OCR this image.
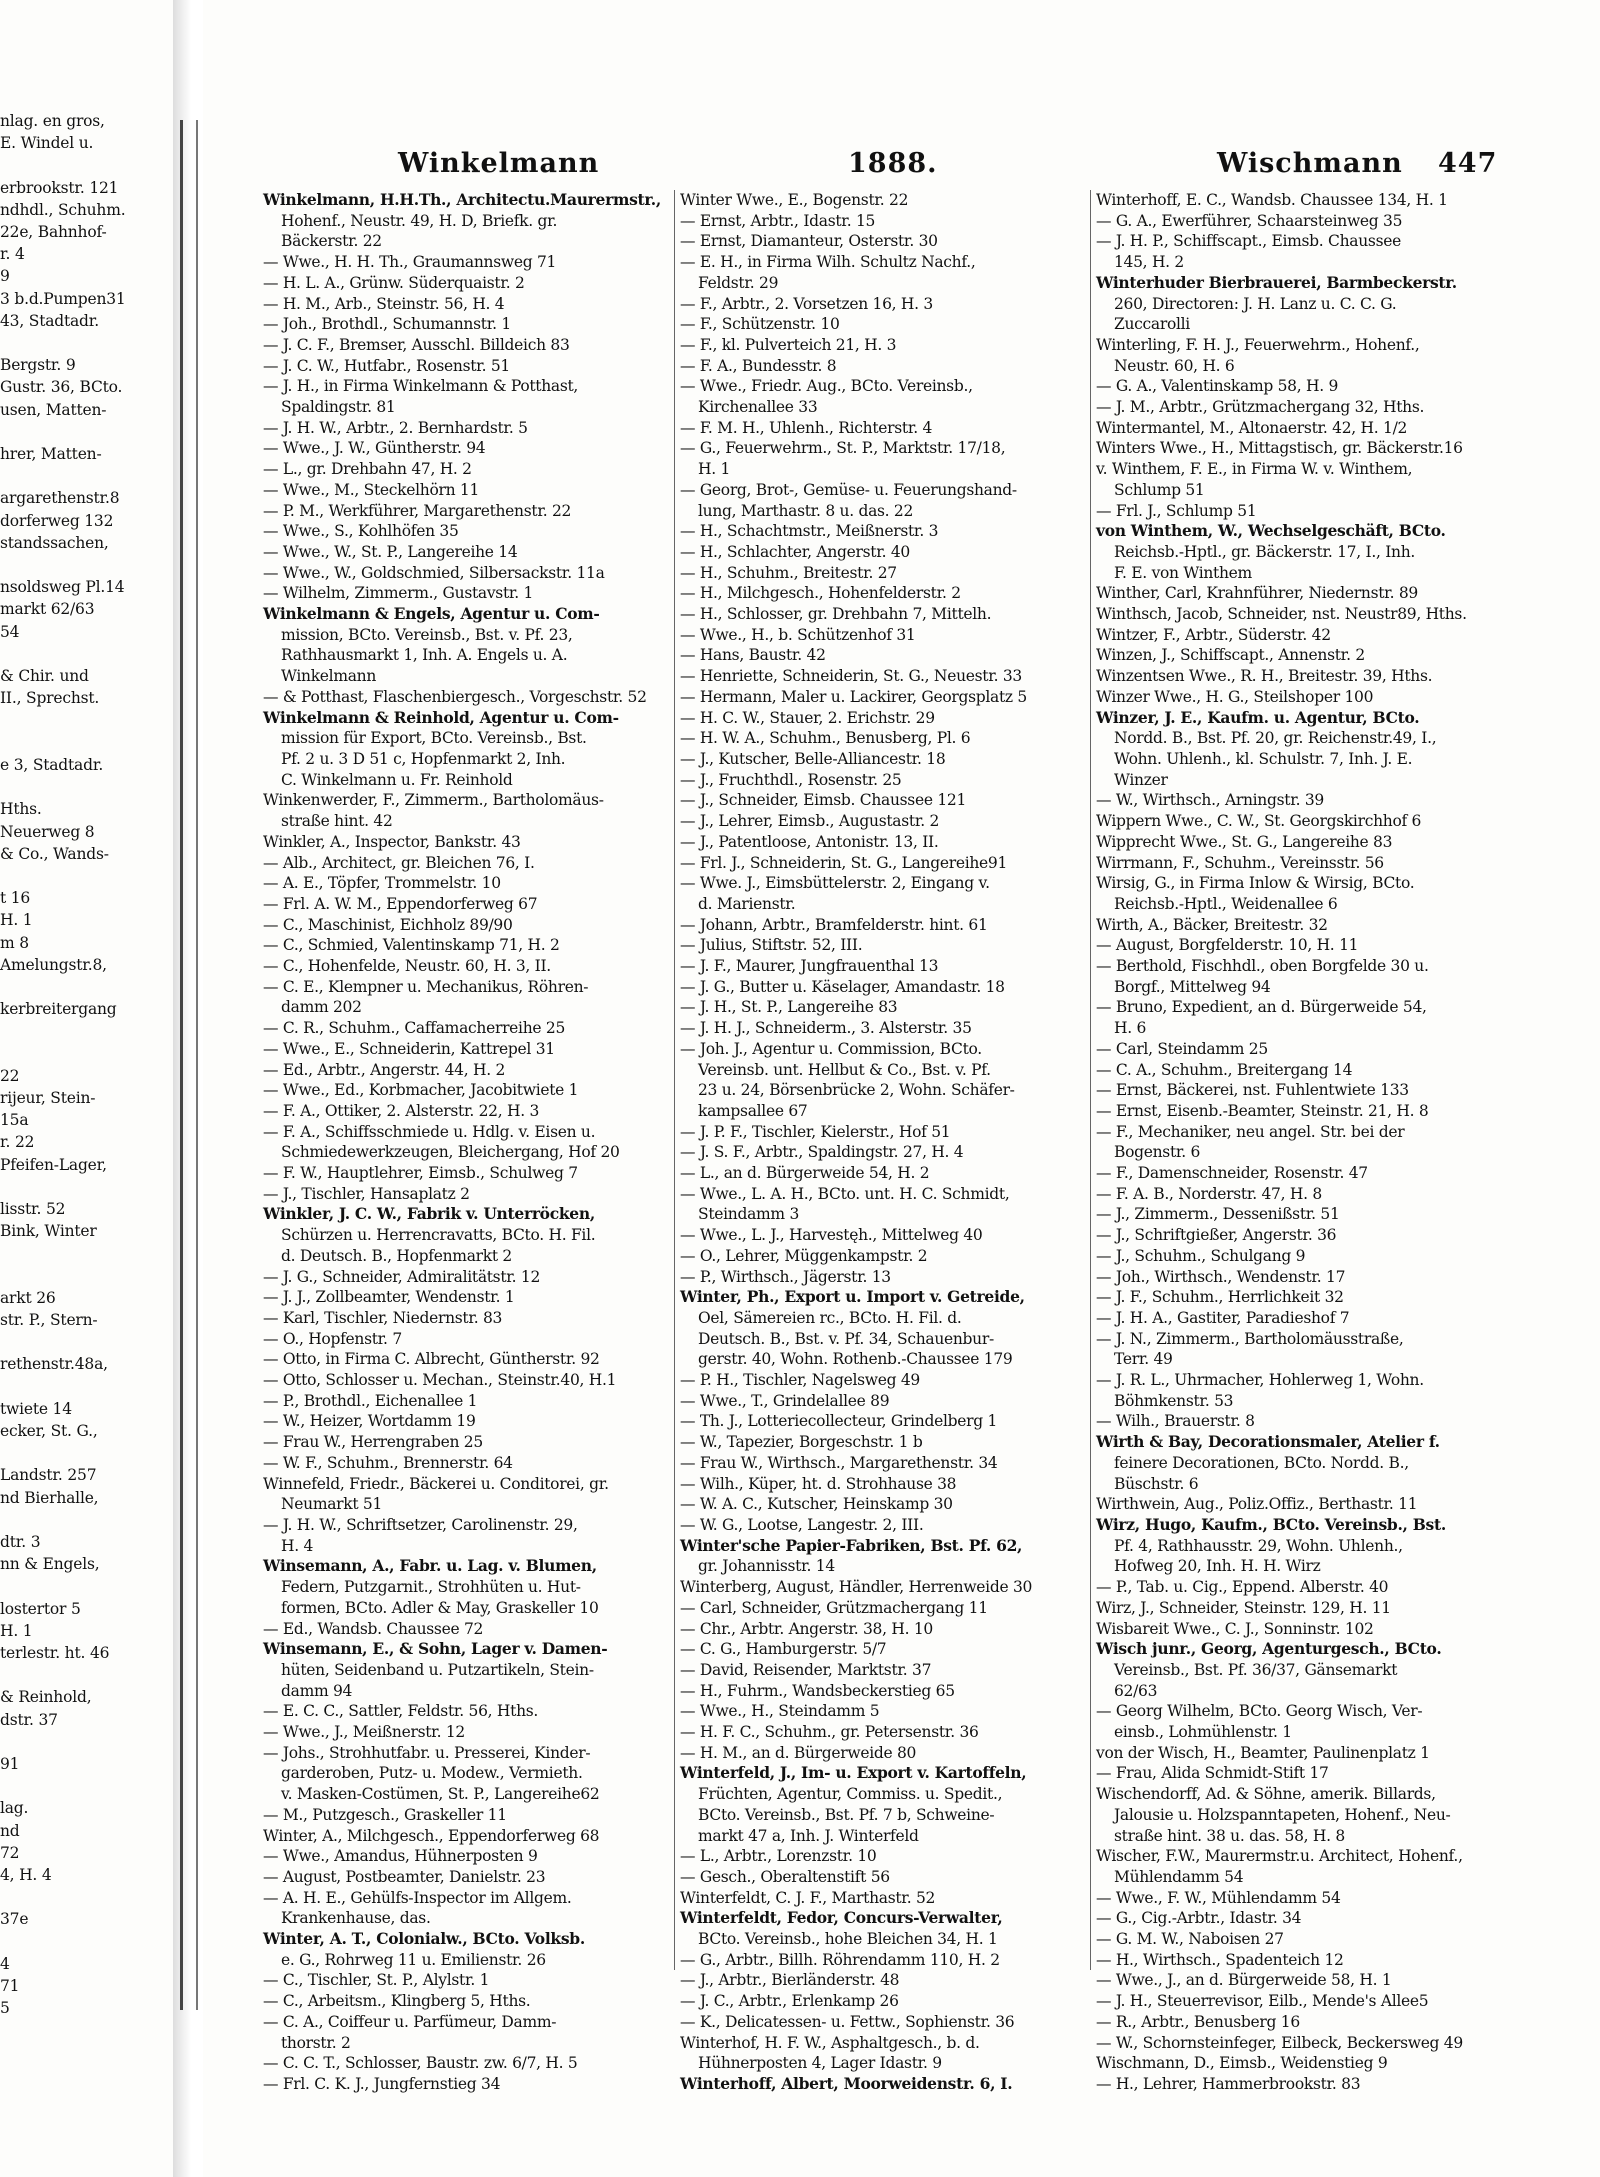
nlag. en gros,
E. Windel u.

erbrookstr. 121
ndhdl., Schuhm.
22e, Bahnhof-
r. 4
9
3 b.d.Pumpen31
43, Stadtadr.

Bergstr. 9
Gustr. 36, BCto.
usen, Matten-

hrer, Matten-

argarethenstr.8
dorferweg 132
standssachen,

nsoldsweg Pl.14
markt 62/63
54

& Chir. und
II., Sprechst.

e 3, Stadtadr.

Hths.
Neuerweg 8
& Co., Wands-

t 16
H. 1
m 8
Amelungstr.8,

kerbreitergang

22
rijeur, Stein-
15a
r. 22
Pfeifen-Lager,

lisstr. 52
Bink, Winter

arkt 26
str. P., Stern-

rethenstr.48a,

twiete 14
ecker, St. G.,

Landstr. 257
nd Bierhalle,

dtr. 3
nn & Engels,

lostertor 5
H. 1
terlestr. ht. 46

& Reinhold,
dstr. 37

91

lag.
nd
72
4, H. 4

37e

4
71
5
Winkelmann	1888.	Wischmann 447
Winkelmann, H.H.Th., Architectu.Maurermstr.,
Hohenf., Neustr. 49, H. D, Briefk. gr.
Bäckerstr. 22
— Wwe., H. H. Th., Graumannsweg 71
— H. L. A., Grünw. Süderquaistr. 2
— H. M., Arb., Steinstr. 56, H. 4
— Joh., Brothdl., Schumannstr. 1
— J. C. F., Bremser, Ausschl. Billdeich 83
— J. C. W., Hutfabr., Rosenstr. 51
— J. H., in Firma Winkelmann & Potthast,
Spaldingstr. 81
— J. H. W., Arbtr., 2. Bernhardstr. 5
— Wwe., J. W., Güntherstr. 94
— L., gr. Drehbahn 47, H. 2
— Wwe., M., Steckelhörn 11
— P. M., Werkführer, Margarethenstr. 22
— Wwe., S., Kohlhöfen 35
— Wwe., W., St. P., Langereihe 14
— Wwe., W., Goldschmied, Silbersackstr. 11a
— Wilhelm, Zimmerm., Gustavstr. 1
Winkelmann & Engels, Agentur u. Com-
mission, BCto. Vereinsb., Bst. v. Pf. 23,
Rathhausmarkt 1, Inh. A. Engels u. A.
Winkelmann
— & Potthast, Flaschenbiergesch., Vorgeschstr. 52
Winkelmann & Reinhold, Agentur u. Com-
mission für Export, BCto. Vereinsb., Bst.
Pf. 2 u. 3 D 51 c, Hopfenmarkt 2, Inh.
C. Winkelmann u. Fr. Reinhold
Winkenwerder, F., Zimmerm., Bartholomäus-
straße hint. 42
Winkler, A., Inspector, Bankstr. 43
— Alb., Architect, gr. Bleichen 76, I.
— A. E., Töpfer, Trommelstr. 10
— Frl. A. W. M., Eppendorferweg 67
— C., Maschinist, Eichholz 89/90
— C., Schmied, Valentinskamp 71, H. 2
— C., Hohenfelde, Neustr. 60, H. 3, II.
— C. E., Klempner u. Mechanikus, Röhren-
damm 202
— C. R., Schuhm., Caffamacherreihe 25
— Wwe., E., Schneiderin, Kattrepel 31
— Ed., Arbtr., Angerstr. 44, H. 2
— Wwe., Ed., Korbmacher, Jacobitwiete 1
— F. A., Ottiker, 2. Alsterstr. 22, H. 3
— F. A., Schiffsschmiede u. Hdlg. v. Eisen u.
Schmiedewerkzeugen, Bleichergang, Hof 20
— F. W., Hauptlehrer, Eimsb., Schulweg 7
— J., Tischler, Hansaplatz 2
Winkler, J. C. W., Fabrik v. Unterröcken,
Schürzen u. Herrencravatts, BCto. H. Fil.
d. Deutsch. B., Hopfenmarkt 2
— J. G., Schneider, Admiralitätstr. 12
— J. J., Zollbeamter, Wendenstr. 1
— Karl, Tischler, Niedernstr. 83
— O., Hopfenstr. 7
— Otto, in Firma C. Albrecht, Güntherstr. 92
— Otto, Schlosser u. Mechan., Steinstr.40, H.1
— P., Brothdl., Eichenallee 1
— W., Heizer, Wortdamm 19
— Frau W., Herrengraben 25
— W. F., Schuhm., Brennerstr. 64
Winnefeld, Friedr., Bäckerei u. Conditorei, gr.
Neumarkt 51
— J. H. W., Schriftsetzer, Carolinenstr. 29,
H. 4
Winsemann, A., Fabr. u. Lag. v. Blumen,
Federn, Putzgarnit., Strohhüten u. Hut-
formen, BCto. Adler & May, Graskeller 10
— Ed., Wandsb. Chaussee 72
Winsemann, E., & Sohn, Lager v. Damen-
hüten, Seidenband u. Putzartikeln, Stein-
damm 94
— E. C. C., Sattler, Feldstr. 56, Hths.
— Wwe., J., Meißnerstr. 12
— Johs., Strohhutfabr. u. Presserei, Kinder-
garderoben, Putz- u. Modew., Vermieth.
v. Masken-Costümen, St. P., Langereihe62
— M., Putzgesch., Graskeller 11
Winter, A., Milchgesch., Eppendorferweg 68
— Wwe., Amandus, Hühnerposten 9
— August, Postbeamter, Danielstr. 23
— A. H. E., Gehülfs-Inspector im Allgem.
Krankenhause, das.
Winter, A. T., Colonialw., BCto. Volksb.
e. G., Rohrweg 11 u. Emilienstr. 26
— C., Tischler, St. P., Alylstr. 1
— C., Arbeitsm., Klingberg 5, Hths.
— C. A., Coiffeur u. Parfümeur, Damm-
thorstr. 2
— C. C. T., Schlosser, Baustr. zw. 6/7, H. 5
— Frl. C. K. J., Jungfernstieg 34
Winter Wwe., E., Bogenstr. 22
— Ernst, Arbtr., Idastr. 15
— Ernst, Diamanteur, Osterstr. 30
— E. H., in Firma Wilh. Schultz Nachf.,
Feldstr. 29
— F., Arbtr., 2. Vorsetzen 16, H. 3
— F., Schützenstr. 10
— F., kl. Pulverteich 21, H. 3
— F. A., Bundesstr. 8
— Wwe., Friedr. Aug., BCto. Vereinsb.,
Kirchenallee 33
— F. M. H., Uhlenh., Richterstr. 4
— G., Feuerwehrm., St. P., Marktstr. 17/18,
H. 1
— Georg, Brot-, Gemüse- u. Feuerungshand-
lung, Marthastr. 8 u. das. 22
— H., Schachtmstr., Meißnerstr. 3
— H., Schlachter, Angerstr. 40
— H., Schuhm., Breitestr. 27
— H., Milchgesch., Hohenfelderstr. 2
— H., Schlosser, gr. Drehbahn 7, Mittelh.
— Wwe., H., b. Schützenhof 31
— Hans, Baustr. 42
— Henriette, Schneiderin, St. G., Neuestr. 33
— Hermann, Maler u. Lackirer, Georgsplatz 5
— H. C. W., Stauer, 2. Erichstr. 29
— H. W. A., Schuhm., Benusberg, Pl. 6
— J., Kutscher, Belle-Alliancestr. 18
— J., Fruchthdl., Rosenstr. 25
— J., Schneider, Eimsb. Chaussee 121
— J., Lehrer, Eimsb., Augustastr. 2
— J., Patentloose, Antonistr. 13, II.
— Frl. J., Schneiderin, St. G., Langereihe91
— Wwe. J., Eimsbüttelerstr. 2, Eingang v.
d. Marienstr.
— Johann, Arbtr., Bramfelderstr. hint. 61
— Julius, Stiftstr. 52, III.
— J. F., Maurer, Jungfrauenthal 13
— J. G., Butter u. Käselager, Amandastr. 18
— J. H., St. P., Langereihe 83
— J. H. J., Schneiderm., 3. Alsterstr. 35
— Joh. J., Agentur u. Commission, BCto.
Vereinsb. unt. Hellbut & Co., Bst. v. Pf.
23 u. 24, Börsenbrücke 2, Wohn. Schäfer-
kampsallee 67
— J. P. F., Tischler, Kielerstr., Hof 51
— J. S. F., Arbtr., Spaldingstr. 27, H. 4
— L., an d. Bürgerweide 54, H. 2
— Wwe., L. A. H., BCto. unt. H. C. Schmidt,
Steindamm 3
— Wwe., L. J., Harvestęh., Mittelweg 40
— O., Lehrer, Müggenkampstr. 2
— P., Wirthsch., Jägerstr. 13
Winter, Ph., Export u. Import v. Getreide,
Oel, Sämereien rc., BCto. H. Fil. d.
Deutsch. B., Bst. v. Pf. 34, Schauenbur-
gerstr. 40, Wohn. Rothenb.-Chaussee 179
— P. H., Tischler, Nagelsweg 49
— Wwe., T., Grindelallee 89
— Th. J., Lotteriecollecteur, Grindelberg 1
— W., Tapezier, Borgeschstr. 1 b
— Frau W., Wirthsch., Margarethenstr. 34
— Wilh., Küper, ht. d. Strohhause 38
— W. A. C., Kutscher, Heinskamp 30
— W. G., Lootse, Langestr. 2, III.
Winter'sche Papier-Fabriken, Bst. Pf. 62,
gr. Johannisstr. 14
Winterberg, August, Händler, Herrenweide 30
— Carl, Schneider, Grützmachergang 11
— Chr., Arbtr. Angerstr. 38, H. 10
— C. G., Hamburgerstr. 5/7
— David, Reisender, Marktstr. 37
— H., Fuhrm., Wandsbeckerstieg 65
— Wwe., H., Steindamm 5
— H. F. C., Schuhm., gr. Petersenstr. 36
— H. M., an d. Bürgerweide 80
Winterfeld, J., Im- u. Export v. Kartoffeln,
Früchten, Agentur, Commiss. u. Spedit.,
BCto. Vereinsb., Bst. Pf. 7 b, Schweine-
markt 47 a, Inh. J. Winterfeld
— L., Arbtr., Lorenzstr. 10
— Gesch., Oberaltenstift 56
Winterfeldt, C. J. F., Marthastr. 52
Winterfeldt, Fedor, Concurs-Verwalter,
BCto. Vereinsb., hohe Bleichen 34, H. 1
— G., Arbtr., Billh. Röhrendamm 110, H. 2
— J., Arbtr., Bierländerstr. 48
— J. C., Arbtr., Erlenkamp 26
— K., Delicatessen- u. Fettw., Sophienstr. 36
Winterhof, H. F. W., Asphaltgesch., b. d.
Hühnerposten 4, Lager Idastr. 9
Winterhoff, Albert, Moorweidenstr. 6, I.
Winterhoff, E. C., Wandsb. Chaussee 134, H. 1
— G. A., Ewerführer, Schaarsteinweg 35
— J. H. P., Schiffscapt., Eimsb. Chaussee
145, H. 2
Winterhuder Bierbrauerei, Barmbeckerstr.
260, Directoren: J. H. Lanz u. C. C. G.
Zuccarolli
Winterling, F. H. J., Feuerwehrm., Hohenf.,
Neustr. 60, H. 6
— G. A., Valentinskamp 58, H. 9
— J. M., Arbtr., Grützmachergang 32, Hths.
Wintermantel, M., Altonaerstr. 42, H. 1/2
Winters Wwe., H., Mittagstisch, gr. Bäckerstr.16
v. Winthem, F. E., in Firma W. v. Winthem,
Schlump 51
— Frl. J., Schlump 51
von Winthem, W., Wechselgeschäft, BCto.
Reichsb.-Hptl., gr. Bäckerstr. 17, I., Inh.
F. E. von Winthem
Winther, Carl, Krahnführer, Niedernstr. 89
Winthsch, Jacob, Schneider, nst. Neustr89, Hths.
Wintzer, F., Arbtr., Süderstr. 42
Winzen, J., Schiffscapt., Annenstr. 2
Winzentsen Wwe., R. H., Breitestr. 39, Hths.
Winzer Wwe., H. G., Steilshoper 100
Winzer, J. E., Kaufm. u. Agentur, BCto.
Nordd. B., Bst. Pf. 20, gr. Reichenstr.49, I.,
Wohn. Uhlenh., kl. Schulstr. 7, Inh. J. E.
Winzer
— W., Wirthsch., Arningstr. 39
Wippern Wwe., C. W., St. Georgskirchhof 6
Wipprecht Wwe., St. G., Langereihe 83
Wirrmann, F., Schuhm., Vereinsstr. 56
Wirsig, G., in Firma Inlow & Wirsig, BCto.
Reichsb.-Hptl., Weidenallee 6
Wirth, A., Bäcker, Breitestr. 32
— August, Borgfelderstr. 10, H. 11
— Berthold, Fischhdl., oben Borgfelde 30 u.
Borgf., Mittelweg 94
— Bruno, Expedient, an d. Bürgerweide 54,
H. 6
— Carl, Steindamm 25
— C. A., Schuhm., Breitergang 14
— Ernst, Bäckerei, nst. Fuhlentwiete 133
— Ernst, Eisenb.-Beamter, Steinstr. 21, H. 8
— F., Mechaniker, neu angel. Str. bei der
Bogenstr. 6
— F., Damenschneider, Rosenstr. 47
— F. A. B., Norderstr. 47, H. 8
— J., Zimmerm., Dessenißstr. 51
— J., Schriftgießer, Angerstr. 36
— J., Schuhm., Schulgang 9
— Joh., Wirthsch., Wendenstr. 17
— J. F., Schuhm., Herrlichkeit 32
— J. H. A., Gastiter, Paradieshof 7
— J. N., Zimmerm., Bartholomäusstraße,
Terr. 49
— J. R. L., Uhrmacher, Hohlerweg 1, Wohn.
Böhmkenstr. 53
— Wilh., Brauerstr. 8
Wirth & Bay, Decorationsmaler, Atelier f.
feinere Decorationen, BCto. Nordd. B.,
Büschstr. 6
Wirthwein, Aug., Poliz.Offiz., Berthastr. 11
Wirz, Hugo, Kaufm., BCto. Vereinsb., Bst.
Pf. 4, Rathhausstr. 29, Wohn. Uhlenh.,
Hofweg 20, Inh. H. H. Wirz
— P., Tab. u. Cig., Eppend. Alberstr. 40
Wirz, J., Schneider, Steinstr. 129, H. 11
Wisbareit Wwe., C. J., Sonninstr. 102
Wisch junr., Georg, Agenturgesch., BCto.
Vereinsb., Bst. Pf. 36/37, Gänsemarkt
62/63
— Georg Wilhelm, BCto. Georg Wisch, Ver-
einsb., Lohmühlenstr. 1
von der Wisch, H., Beamter, Paulinenplatz 1
— Frau, Alida Schmidt-Stift 17
Wischendorff, Ad. & Söhne, amerik. Billards,
Jalousie u. Holzspanntapeten, Hohenf., Neu-
straße hint. 38 u. das. 58, H. 8
Wischer, F.W., Maurermstr.u. Architect, Hohenf.,
Mühlendamm 54
— Wwe., F. W., Mühlendamm 54
— G., Cig.-Arbtr., Idastr. 34
— G. M. W., Naboisen 27
— H., Wirthsch., Spadenteich 12
— Wwe., J., an d. Bürgerweide 58, H. 1
— J. H., Steuerrevisor, Eilb., Mende's Allee5
— R., Arbtr., Benusberg 16
— W., Schornsteinfeger, Eilbeck, Beckersweg 49
Wischmann, D., Eimsb., Weidenstieg 9
— H., Lehrer, Hammerbrookstr. 83
